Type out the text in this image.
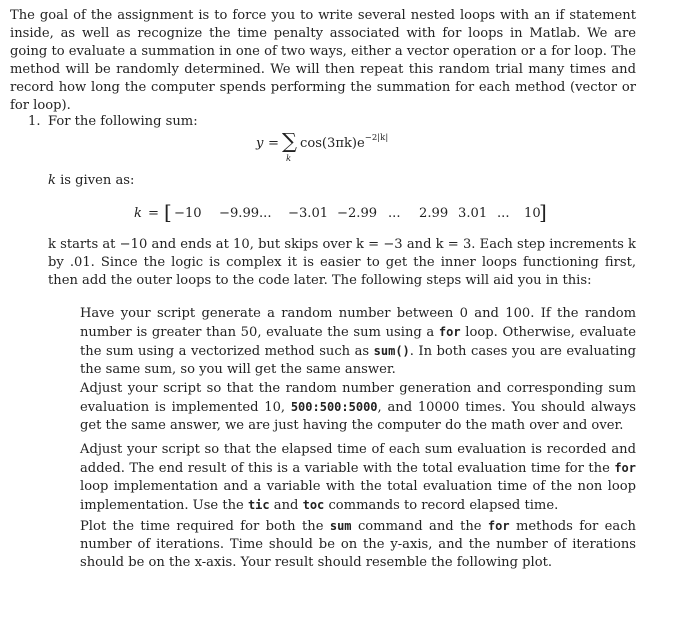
The goal of the assignment is to force you to write several nested loops with an if statement inside, as well as recognize the time penalty associated with for loops in Matlab. We are going to evaluate a summation in one of two ways, either a vector operation or a for loop. The method will be randomly determined. We will then repeat this random trial many times and record how long the computer spends performing the summation for each method (vector or for loop).

1. For the following sum:
y = ∑
k
$\cos(3\pi k)e^{-2|k|}$
k is given as:
k = [ −10 −9.99 ... −3.01 −2.99 ... 2.99 3.01 ... 10
]

k starts at −10 and ends at 10, but skips over k = −3 and k = 3. Each step increments k by .01. Since the logic is complex it is easier to get the inner loops functioning first, then add the outer loops to the code later. The following steps will aid you in this:

Have your script generate a random number between 0 and 100. If the random number is greater than 50, evaluate the sum using a for loop. Otherwise, evaluate the sum using a vectorized method such as sum(). In both cases you are evaluating the same sum, so you will get the same answer.

Adjust your script so that the random number generation and corresponding sum evaluation is implemented 10, 500:500:5000, and 10000 times. You should always get the same answer, we are just having the computer do the math over and over.

Adjust your script so that the elapsed time of each sum evaluation is recorded and added. The end result of this is a variable with the total evaluation time for the for loop implementation and a variable with the total evaluation time of the non loop implementation. Use the tic and toc commands to record elapsed time.

Plot the time required for both the sum command and the for methods for each number of iterations. Time should be on the y-axis, and the number of iterations should be on the x-axis. Your result should resemble the following plot.
